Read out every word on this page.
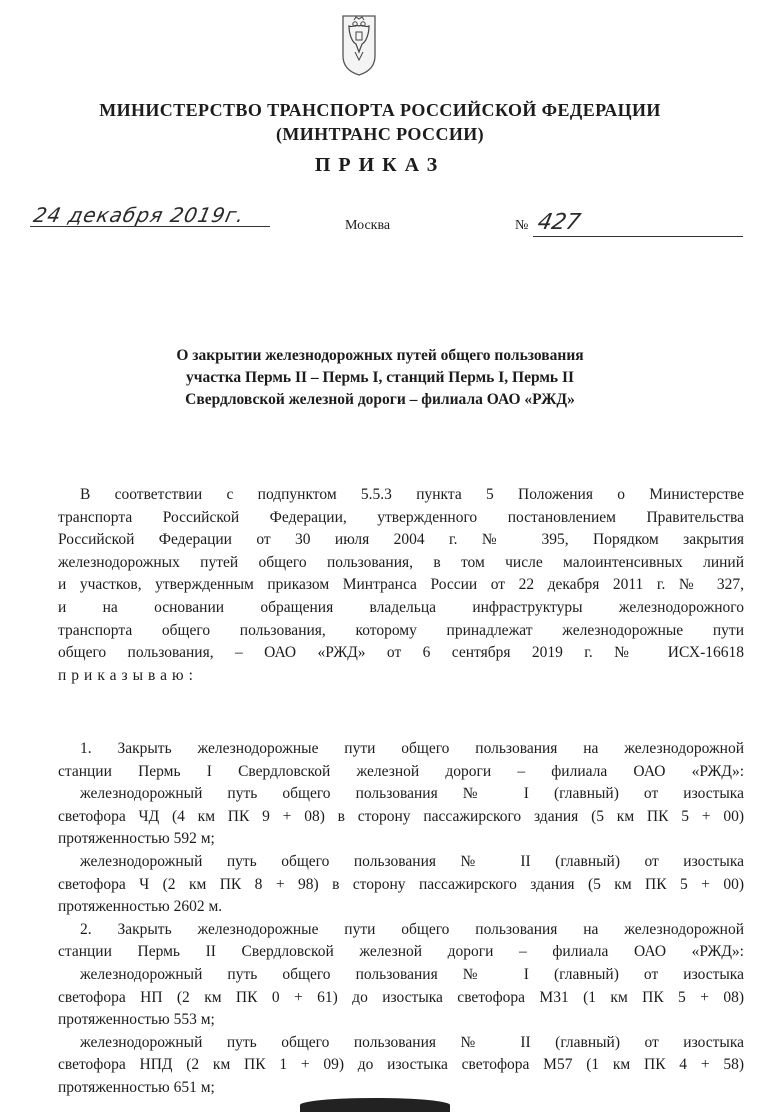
МИНИСТЕРСТВО ТРАНСПОРТА РОССИЙСКОЙ ФЕДЕРАЦИИ
(МИНТРАНС РОССИИ)
ПРИКАЗ
24 декабря 2019г.	Москва	№ 427
О закрытии железнодорожных путей общего пользования
участка Пермь II – Пермь I, станций Пермь I, Пермь II
Свердловской железной дороги – филиала ОАО «РЖД»
В соответствии с подпунктом 5.5.3 пункта 5 Положения о Министерстве
транспорта Российской Федерации, утвержденного постановлением Правительства
Российской Федерации от 30 июля 2004 г. № 395, Порядком закрытия
железнодорожных путей общего пользования, в том числе малоинтенсивных линий
и участков, утвержденным приказом Минтранса России от 22 декабря 2011 г. № 327,
и на основании обращения владельца инфраструктуры железнодорожного
транспорта общего пользования, которому принадлежат железнодорожные пути
общего пользования, – ОАО «РЖД» от 6 сентября 2019 г. № ИСХ-16618
приказываю:
1. Закрыть железнодорожные пути общего пользования на железнодорожной
станции Пермь I Свердловской железной дороги – филиала ОАО «РЖД»:
железнодорожный путь общего пользования № I (главный) от изостыка
светофора ЧД (4 км ПК 9 + 08) в сторону пассажирского здания (5 км ПК 5 + 00)
протяженностью 592 м;
железнодорожный путь общего пользования № II (главный) от изостыка
светофора Ч (2 км ПК 8 + 98) в сторону пассажирского здания (5 км ПК 5 + 00)
протяженностью 2602 м.
2. Закрыть железнодорожные пути общего пользования на железнодорожной
станции Пермь II Свердловской железной дороги – филиала ОАО «РЖД»:
железнодорожный путь общего пользования № I (главный) от изостыка
светофора НП (2 км ПК 0 + 61) до изостыка светофора М31 (1 км ПК 5 + 08)
протяженностью 553 м;
железнодорожный путь общего пользования № II (главный) от изостыка
светофора НПД (2 км ПК 1 + 09) до изостыка светофора М57 (1 км ПК 4 + 58)
протяженностью 651 м;
